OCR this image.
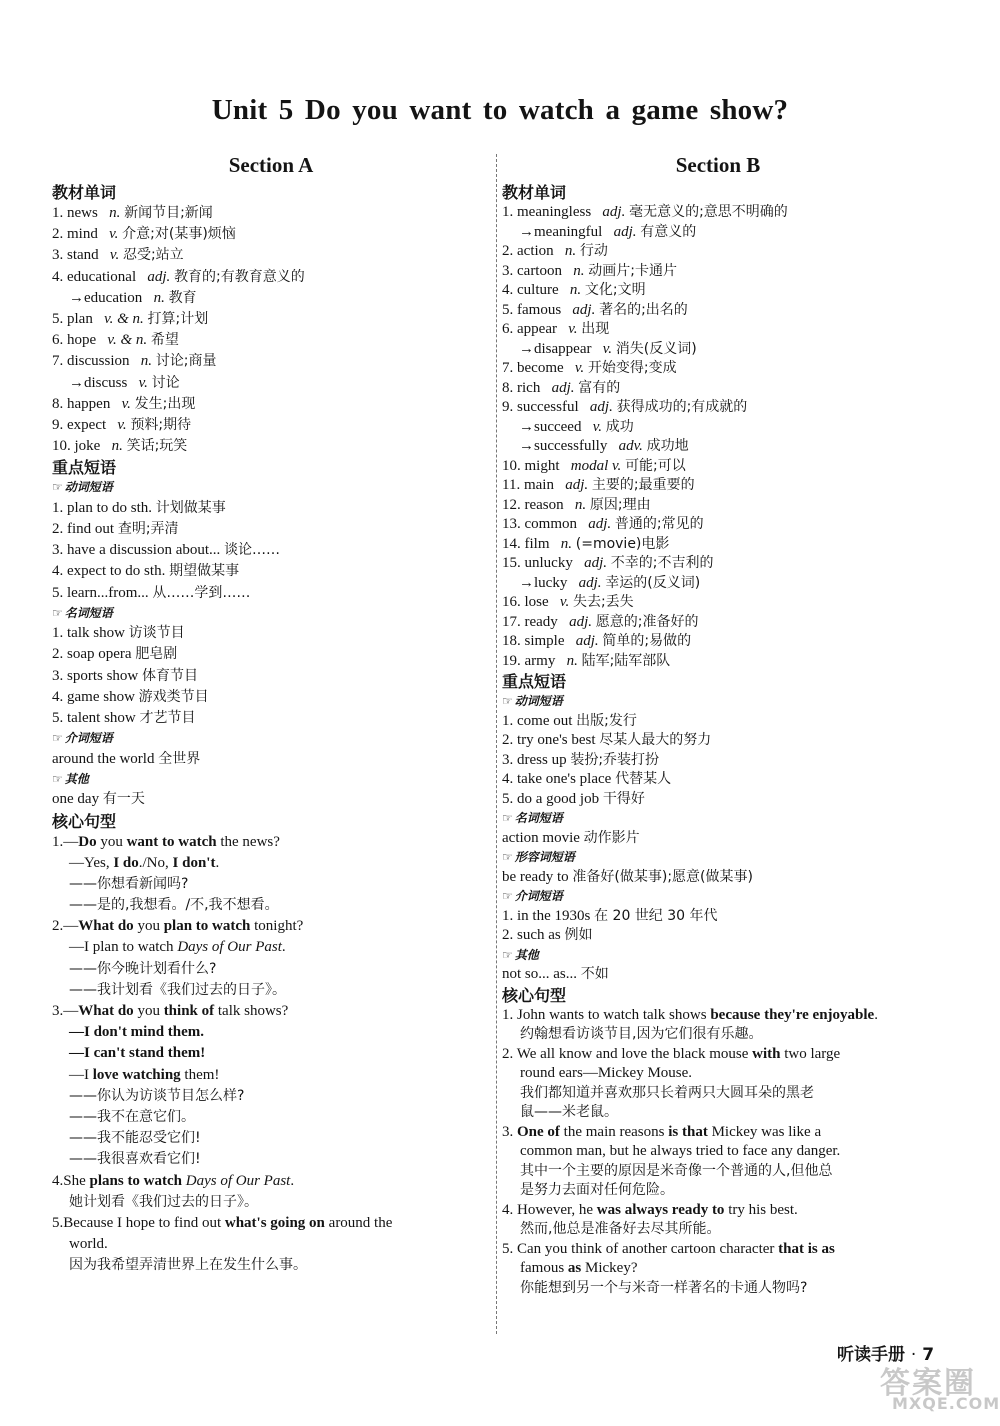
Unit 5 Do you want to watch a game show?
Section A
教材单词
1. news n. 新闻节目;新闻
2. mind v. 介意;对(某事)烦恼
3. stand v. 忍受;站立
4. educational adj. 教育的;有教育意义的
→education n. 教育
5. plan v. & n. 打算;计划
6. hope v. & n. 希望
7. discussion n. 讨论;商量
→discuss v. 讨论
8. happen v. 发生;出现
9. expect v. 预料;期待
10. joke n. 笑话;玩笑
重点短语
☞ 动词短语
1. plan to do sth. 计划做某事
2. find out 查明;弄清
3. have a discussion about... 谈论……
4. expect to do sth. 期望做某事
5. learn...from... 从……学到……
☞ 名词短语
1. talk show 访谈节目
2. soap opera 肥皂剧
3. sports show 体育节目
4. game show 游戏类节目
5. talent show 才艺节目
☞ 介词短语
around the world 全世界
☞ 其他
one day 有一天
核心句型
1.—Do you want to watch the news?
—Yes, I do./No, I don't.
——你想看新闻吗?
——是的,我想看。/不,我不想看。
2.—What do you plan to watch tonight?
—I plan to watch Days of Our Past.
——你今晚计划看什么?
——我计划看《我们过去的日子》。
3.—What do you think of talk shows?
—I don't mind them.
—I can't stand them!
—I love watching them!
——你认为访谈节目怎么样?
——我不在意它们。
——我不能忍受它们!
——我很喜欢看它们!
4.She plans to watch Days of Our Past.
她计划看《我们过去的日子》。
5.Because I hope to find out what's going on around the
world.
因为我希望弄清世界上在发生什么事。
Section B
教材单词
1. meaningless adj. 毫无意义的;意思不明确的
→meaningful adj. 有意义的
2. action n. 行动
3. cartoon n. 动画片;卡通片
4. culture n. 文化;文明
5. famous adj. 著名的;出名的
6. appear v. 出现
→disappear v. 消失(反义词)
7. become v. 开始变得;变成
8. rich adj. 富有的
9. successful adj. 获得成功的;有成就的
→succeed v. 成功
→successfully adv. 成功地
10. might modal v. 可能;可以
11. main adj. 主要的;最重要的
12. reason n. 原因;理由
13. common adj. 普通的;常见的
14. film n. (=movie)电影
15. unlucky adj. 不幸的;不吉利的
→lucky adj. 幸运的(反义词)
16. lose v. 失去;丢失
17. ready adj. 愿意的;准备好的
18. simple adj. 简单的;易做的
19. army n. 陆军;陆军部队
重点短语
☞ 动词短语
1. come out 出版;发行
2. try one's best 尽某人最大的努力
3. dress up 装扮;乔装打扮
4. take one's place 代替某人
5. do a good job 干得好
☞ 名词短语
action movie 动作影片
☞ 形容词短语
be ready to 准备好(做某事);愿意(做某事)
☞ 介词短语
1. in the 1930s 在 20 世纪 30 年代
2. such as 例如
☞ 其他
not so... as... 不如
核心句型
1. John wants to watch talk shows because they're enjoyable.
约翰想看访谈节目,因为它们很有乐趣。
2. We all know and love the black mouse with two large
round ears—Mickey Mouse.
我们都知道并喜欢那只长着两只大圆耳朵的黑老
鼠——米老鼠。
3. One of the main reasons is that Mickey was like a
common man, but he always tried to face any danger.
其中一个主要的原因是米奇像一个普通的人,但他总
是努力去面对任何危险。
4. However, he was always ready to try his best.
然而,他总是准备好去尽其所能。
5. Can you think of another cartoon character that is as
famous as Mickey?
你能想到另一个与米奇一样著名的卡通人物吗?
听读手册 · 7
答案圈
MXQE.COM
